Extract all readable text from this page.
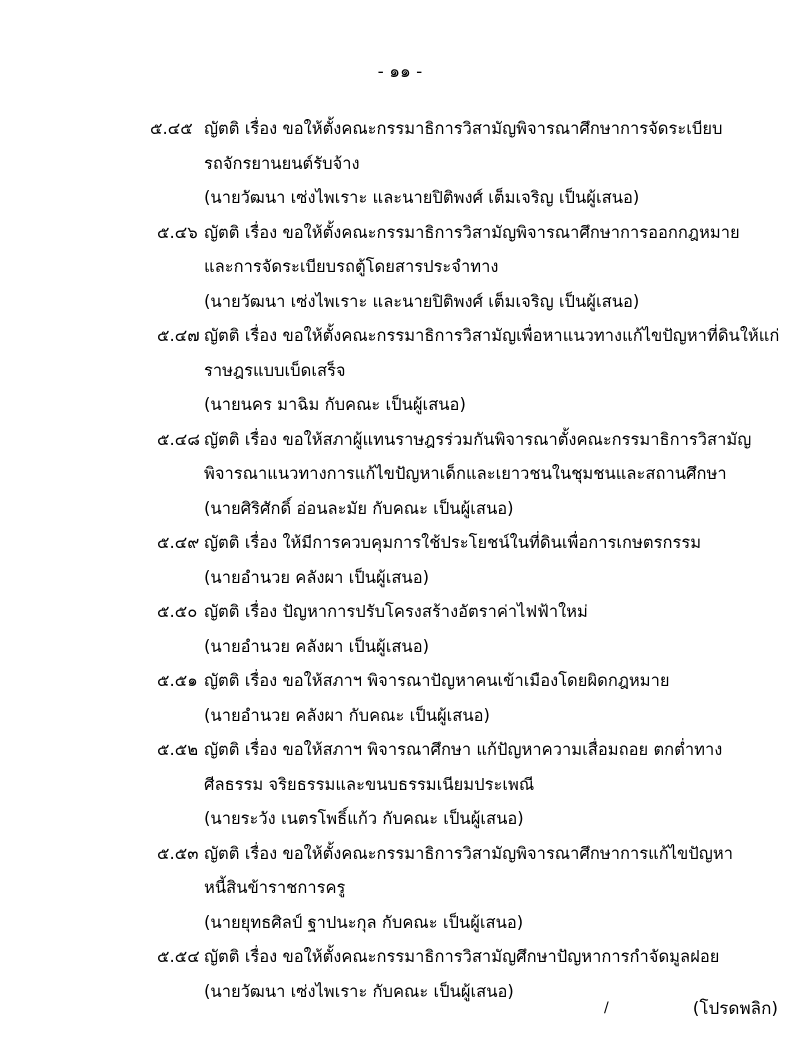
- ๑๑ -
๕.๔๕ ญัตติ เรื่อง ขอให้ตั้งคณะกรรมาธิการวิสามัญพิจารณาศึกษาการจัดระเบียบ
รถจักรยานยนต์รับจ้าง
(นายวัฒนา เซ่งไพเราะ และนายปิติพงศ์ เต็มเจริญ เป็นผู้เสนอ)
๕.๔๖ ญัตติ เรื่อง ขอให้ตั้งคณะกรรมาธิการวิสามัญพิจารณาศึกษาการออกกฎหมาย
และการจัดระเบียบรถตู้โดยสารประจำทาง
(นายวัฒนา เซ่งไพเราะ และนายปิติพงศ์ เต็มเจริญ เป็นผู้เสนอ)
๕.๔๗ ญัตติ เรื่อง ขอให้ตั้งคณะกรรมาธิการวิสามัญเพื่อหาแนวทางแก้ไขปัญหาที่ดินให้แก่
ราษฎรแบบเบ็ดเสร็จ
(นายนคร มาฉิม กับคณะ เป็นผู้เสนอ)
๕.๔๘ ญัตติ เรื่อง ขอให้สภาผู้แทนราษฎรร่วมกันพิจารณาตั้งคณะกรรมาธิการวิสามัญ
พิจารณาแนวทางการแก้ไขปัญหาเด็กและเยาวชนในชุมชนและสถานศึกษา
(นายศิริศักดิ์ อ่อนละมัย กับคณะ เป็นผู้เสนอ)
๕.๔๙ ญัตติ เรื่อง ให้มีการควบคุมการใช้ประโยชน์ในที่ดินเพื่อการเกษตรกรรม
(นายอำนวย คลังผา เป็นผู้เสนอ)
๕.๕๐ ญัตติ เรื่อง ปัญหาการปรับโครงสร้างอัตราค่าไฟฟ้าใหม่
(นายอำนวย คลังผา เป็นผู้เสนอ)
๕.๕๑ ญัตติ เรื่อง ขอให้สภาฯ พิจารณาปัญหาคนเข้าเมืองโดยผิดกฎหมาย
(นายอำนวย คลังผา กับคณะ เป็นผู้เสนอ)
๕.๕๒ ญัตติ เรื่อง ขอให้สภาฯ พิจารณาศึกษา แก้ปัญหาความเสื่อมถอย ตกต่ำทาง
ศีลธรรม จริยธรรมและขนบธรรมเนียมประเพณี
(นายระวัง เนตรโพธิ์แก้ว กับคณะ เป็นผู้เสนอ)
๕.๕๓ ญัตติ เรื่อง ขอให้ตั้งคณะกรรมาธิการวิสามัญพิจารณาศึกษาการแก้ไขปัญหา
หนี้สินข้าราชการครู
(นายยุทธศิลป์ ฐาปนะกุล กับคณะ เป็นผู้เสนอ)
๕.๕๔ ญัตติ เรื่อง ขอให้ตั้งคณะกรรมาธิการวิสามัญศึกษาปัญหาการกำจัดมูลฝอย
(นายวัฒนา เซ่งไพเราะ กับคณะ เป็นผู้เสนอ)
/	(โปรดพลิก)
